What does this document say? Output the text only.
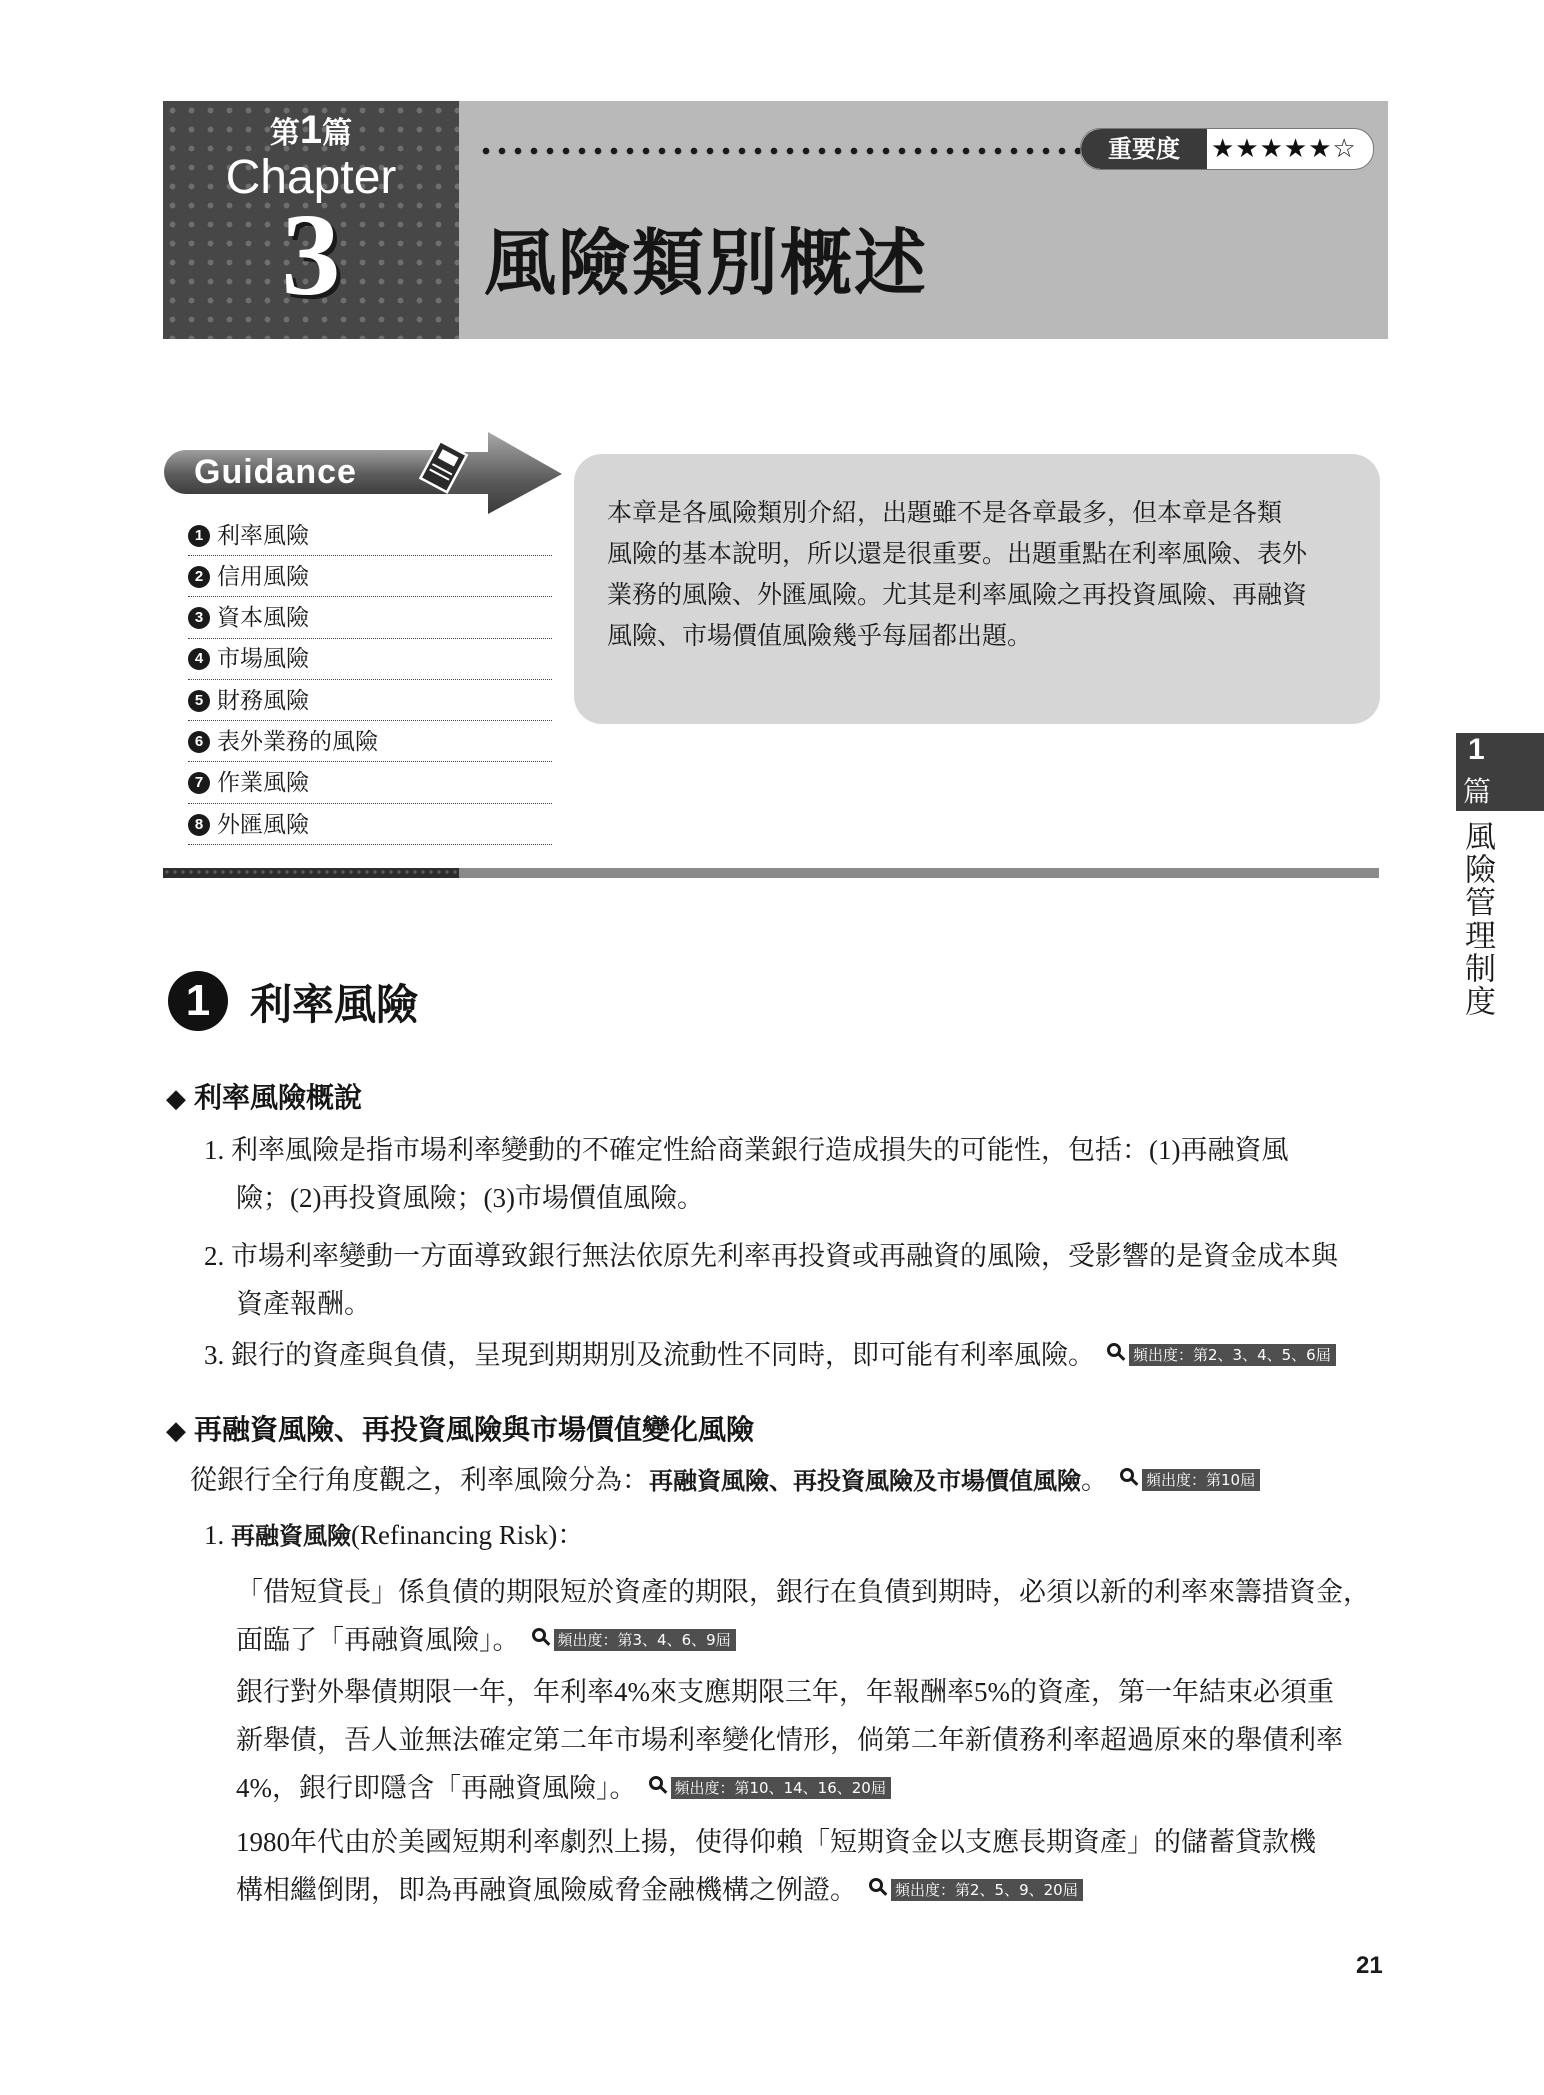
第1篇
Chapter
3
重要度	★★★★★☆
風險類別概述
Guidance
1 利率風險
2 信用風險
3 資本風險
4 市場風險
5 財務風險
6 表外業務的風險
7 作業風險
8 外匯風險
本章是各風險類別介紹，出題雖不是各章最多，但本章是各類
風險的基本說明，所以還是很重要。出題重點在利率風險、表外
業務的風險、外匯風險。尤其是利率風險之再投資風險、再融資
風險、市場價值風險幾乎每屆都出題。
1
篇
風險管理制度
1 利率風險
◆ 利率風險概說
1. 利率風險是指市場利率變動的不確定性給商業銀行造成損失的可能性，包括：(1)再融資風
險；(2)再投資風險；(3)市場價值風險。
2. 市場利率變動一方面導致銀行無法依原先利率再投資或再融資的風險，受影響的是資金成本與
資產報酬。
3. 銀行的資產與負債，呈現到期期別及流動性不同時，即可能有利率風險。	頻出度：第2、3、4、5、6屆
◆ 再融資風險、再投資風險與市場價值變化風險
從銀行全行角度觀之，利率風險分為：再融資風險、再投資風險及市場價值風險。	頻出度：第10屆
1. 再融資風險(Refinancing Risk)：
「借短貸長」係負債的期限短於資產的期限，銀行在負債到期時，必須以新的利率來籌措資金，
面臨了「再融資風險」。	頻出度：第3、4、6、9屆
銀行對外舉債期限一年，年利率4%來支應期限三年，年報酬率5%的資產，第一年結束必須重
新舉債，吾人並無法確定第二年市場利率變化情形，倘第二年新債務利率超過原來的舉債利率
4%，銀行即隱含「再融資風險」。	頻出度：第10、14、16、20屆
1980年代由於美國短期利率劇烈上揚，使得仰賴「短期資金以支應長期資產」的儲蓄貸款機
構相繼倒閉，即為再融資風險威脅金融機構之例證。	頻出度：第2、5、9、20屆
21
